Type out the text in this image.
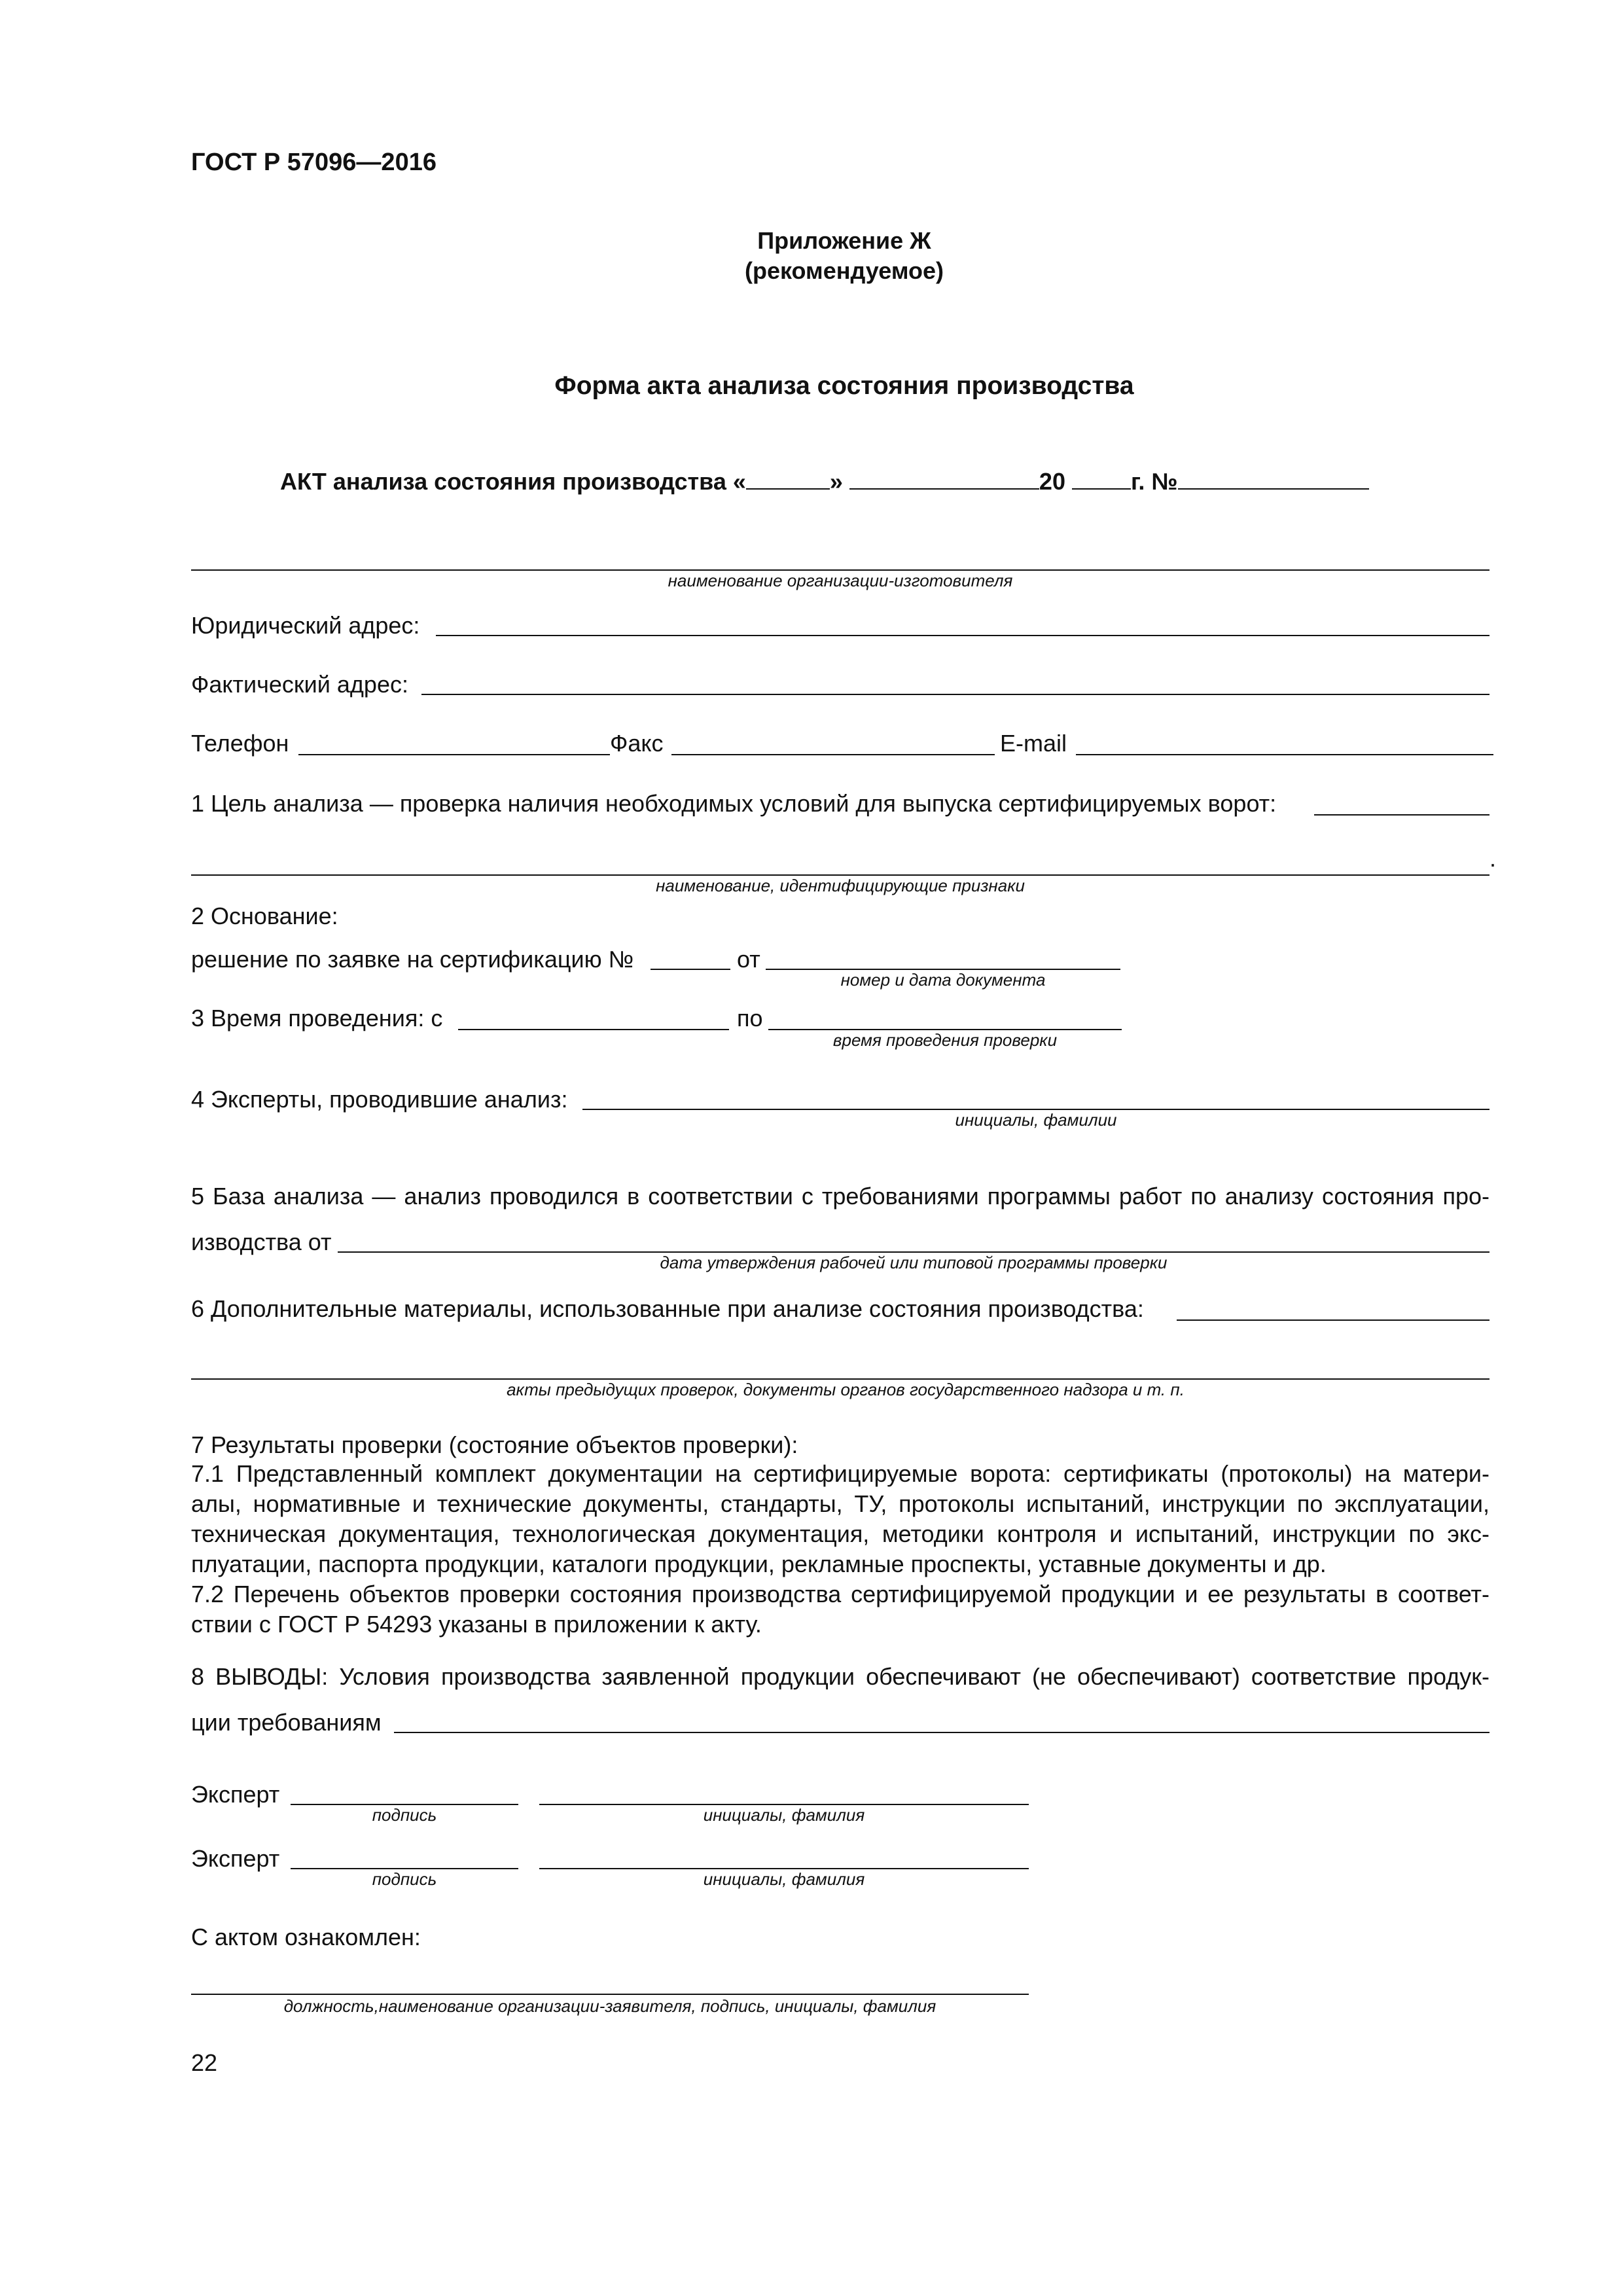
ГОСТ Р 57096—2016
Приложение Ж
(рекомендуемое)
Форма акта анализа состояния производства
АКТ анализа состояния производства «	»	20	г. №
наименование организации-изготовителя
Юридический адрес:
Фактический адрес:
Телефон	Факс	E-mail
1 Цель анализа — проверка наличия необходимых условий для выпуска сертифицируемых ворот:
.
наименование, идентифицирующие признаки
2 Основание:
решение по заявке на сертификацию №	от
номер и дата документа
3 Время проведения: с	по
время проведения проверки
4 Эксперты, проводившие анализ:
инициалы, фамилии
5 База анализа — анализ проводился в соответствии с требованиями программы работ по анализу состояния про-
изводства от
дата утверждения рабочей или типовой программы проверки
6 Дополнительные материалы, использованные при анализе состояния производства:
акты предыдущих проверок, документы органов государственного надзора и т. п.
7 Результаты проверки (состояние объектов проверки):
7.1 Представленный комплект документации на сертифицируемые ворота: сертификаты (протоколы) на матери-
алы, нормативные и технические документы, стандарты, ТУ, протоколы испытаний, инструкции по эксплуатации,
техническая документация, технологическая документация, методики контроля и испытаний, инструкции по экс-
плуатации, паспорта продукции, каталоги продукции, рекламные проспекты, уставные документы и др.
7.2 Перечень объектов проверки состояния производства сертифицируемой продукции и ее результаты в соответ-
ствии с ГОСТ Р 54293 указаны в приложении к акту.
8 ВЫВОДЫ: Условия производства заявленной продукции обеспечивают (не обеспечивают) соответствие продук-
ции требованиям
Эксперт
подпись	инициалы, фамилия
Эксперт
подпись	инициалы, фамилия
С актом ознакомлен:
должность,наименование организации-заявителя, подпись, инициалы, фамилия
22
